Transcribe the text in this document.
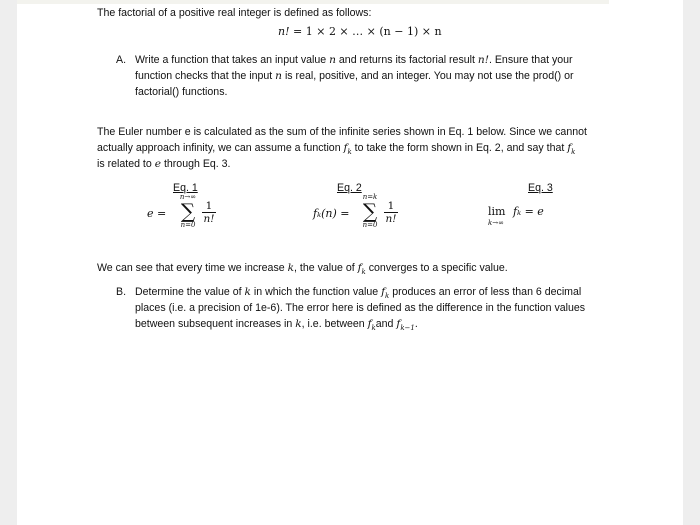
The factorial of a positive real integer is defined as follows:
n! = 1 × 2 × … × (n − 1) × n
A. Write a function that takes an input value n and returns its factorial result n!. Ensure that your
function checks that the input n is real, positive, and an integer. You may not use the prod() or
factorial() functions.
The Euler number e is calculated as the sum of the infinite series shown in Eq. 1 below. Since we cannot
actually approach infinity, we can assume a function $f_k$ to take the form shown in Eq. 2, and say that $f_k$
is related to e through Eq. 3.
Eq. 1	Eq. 2	Eq. 3
e =
n→∞
∑
n=0
1
n!	fₖ(n) =
n=k
∑
n=0
1
n!
lim
k→∞
fₖ = e
We can see that every time we increase k, the value of $f_k$ converges to a specific value.
B. Determine the value of k in which the function value $f_k$ produces an error of less than 6 decimal
places (i.e. a precision of 1e-6). The error here is defined as the difference in the function values
between subsequent increases in k, i.e. between $f_kand$ $f_{k-1}$.
